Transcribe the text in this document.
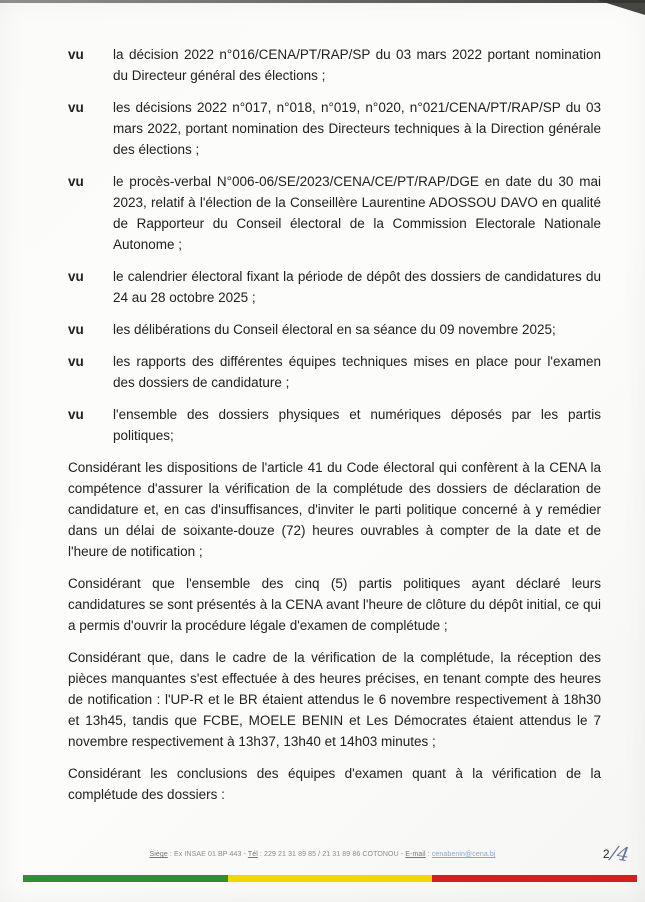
vu	la décision 2022 n°016/CENA/PT/RAP/SP du 03 mars 2022 portant nomination du Directeur général des élections ;
vu	les décisions 2022 n°017, n°018, n°019, n°020, n°021/CENA/PT/RAP/SP du 03 mars 2022, portant nomination des Directeurs techniques à la Direction générale des élections ;
vu	le procès-verbal N°006-06/SE/2023/CENA/CE/PT/RAP/DGE en date du 30 mai 2023, relatif à l'élection de la Conseillère Laurentine ADOSSOU DAVO en qualité de Rapporteur du Conseil électoral de la Commission Electorale Nationale Autonome ;
vu	le calendrier électoral fixant la période de dépôt des dossiers de candidatures du 24 au 28 octobre 2025 ;
vu	les délibérations du Conseil électoral en sa séance du 09 novembre 2025;
vu	les rapports des différentes équipes techniques mises en place pour l'examen des dossiers de candidature ;
vu	l'ensemble des dossiers physiques et numériques déposés par les partis politiques;

Considérant les dispositions de l'article 41 du Code électoral qui confèrent à la CENA la compétence d'assurer la vérification de la complétude des dossiers de déclaration de candidature et, en cas d'insuffisances, d'inviter le parti politique concerné à y remédier dans un délai de soixante-douze (72) heures ouvrables à compter de la date et de l'heure de notification ;

Considérant que l'ensemble des cinq (5) partis politiques ayant déclaré leurs candidatures se sont présentés à la CENA avant l'heure de clôture du dépôt initial, ce qui a permis d'ouvrir la procédure légale d'examen de complétude ;

Considérant que, dans le cadre de la vérification de la complétude, la réception des pièces manquantes s'est effectuée à des heures précises, en tenant compte des heures de notification : l'UP-R et le BR étaient attendus le 6 novembre respectivement à 18h30 et 13h45, tandis que FCBE, MOELE BENIN et Les Démocrates étaient attendus le 7 novembre respectivement à 13h37, 13h40 et 14h03 minutes ;

Considérant les conclusions des équipes d'examen quant à la vérification de la complétude des dossiers :

Siège : Ex INSAE 01 BP 443 - Tél : 229 21 31 89 85 / 21 31 89 86 COTONOU - E-mail : cenabenin@cena.bj	2/4
